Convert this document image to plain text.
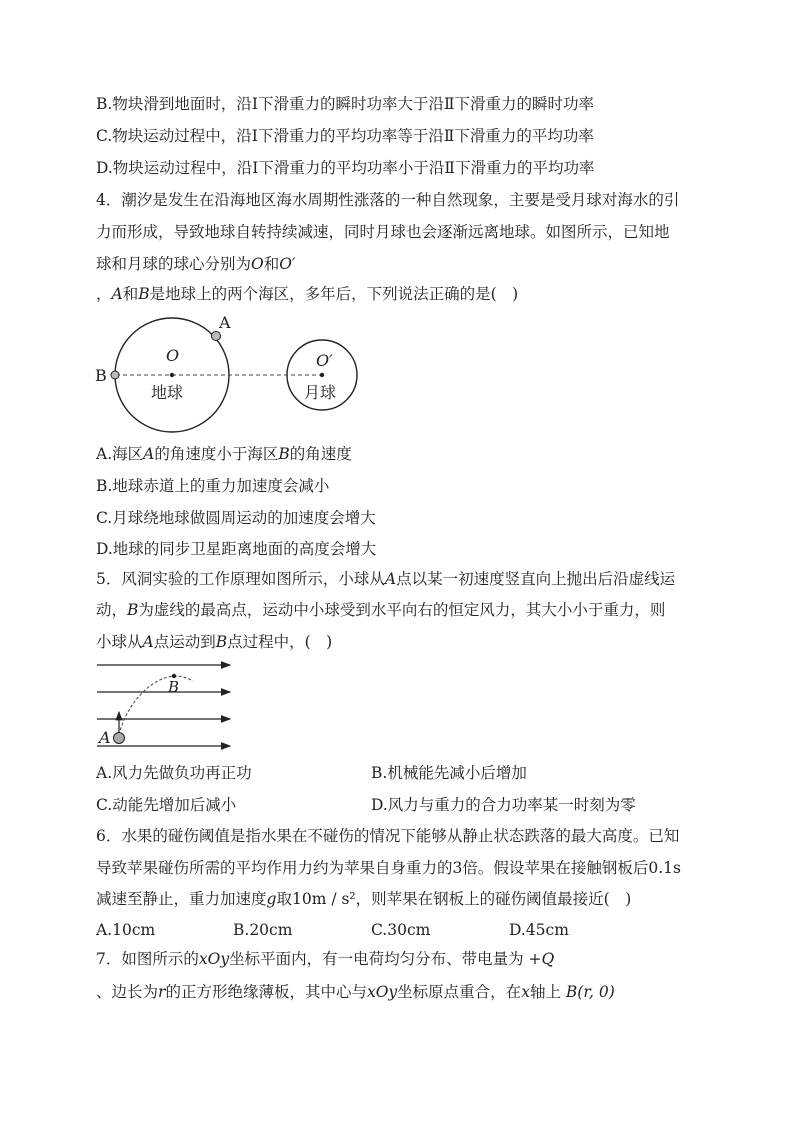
B.物块滑到地面时，沿Ⅰ下滑重力的瞬时功率大于沿Ⅱ下滑重力的瞬时功率
C.物块运动过程中，沿Ⅰ下滑重力的平均功率等于沿Ⅱ下滑重力的平均功率
D.物块运动过程中，沿Ⅰ下滑重力的平均功率小于沿Ⅱ下滑重力的平均功率
4．潮汐是发生在沿海地区海水周期性涨落的一种自然现象，主要是受月球对海水的引
力而形成，导致地球自转持续减速，同时月球也会逐渐远离地球。如图所示，已知地
球和月球的球心分别为O和O′
，A和B是地球上的两个海区，多年后，下列说法正确的是(　)
A
B
O	O′
地球	月球
A.海区A的角速度小于海区B的角速度
B.地球赤道上的重力加速度会减小
C.月球绕地球做圆周运动的加速度会增大
D.地球的同步卫星距离地面的高度会增大
5．风洞实验的工作原理如图所示，小球从A点以某一初速度竖直向上抛出后沿虚线运
动，B为虚线的最高点，运动中小球受到水平向右的恒定风力，其大小小于重力，则
小球从A点运动到B点过程中，(　)
A
B
A.风力先做负功再正功	B.机械能先减小后增加
C.动能先增加后减小	D.风力与重力的合力功率某一时刻为零
6．水果的碰伤阈值是指水果在不碰伤的情况下能够从静止状态跌落的最大高度。已知
导致苹果碰伤所需的平均作用力约为苹果自身重力的3倍。假设苹果在接触钢板后0.1s
减速至静止，重力加速度g取10m / s²，则苹果在钢板上的碰伤阈值最接近(　)
A.10cm	B.20cm	C.30cm	D.45cm
7．如图所示的xOy坐标平面内，有一电荷均匀分布、带电量为 +Q
、边长为r的正方形绝缘薄板，其中心与xOy坐标原点重合，在x轴上 B(r, 0)
